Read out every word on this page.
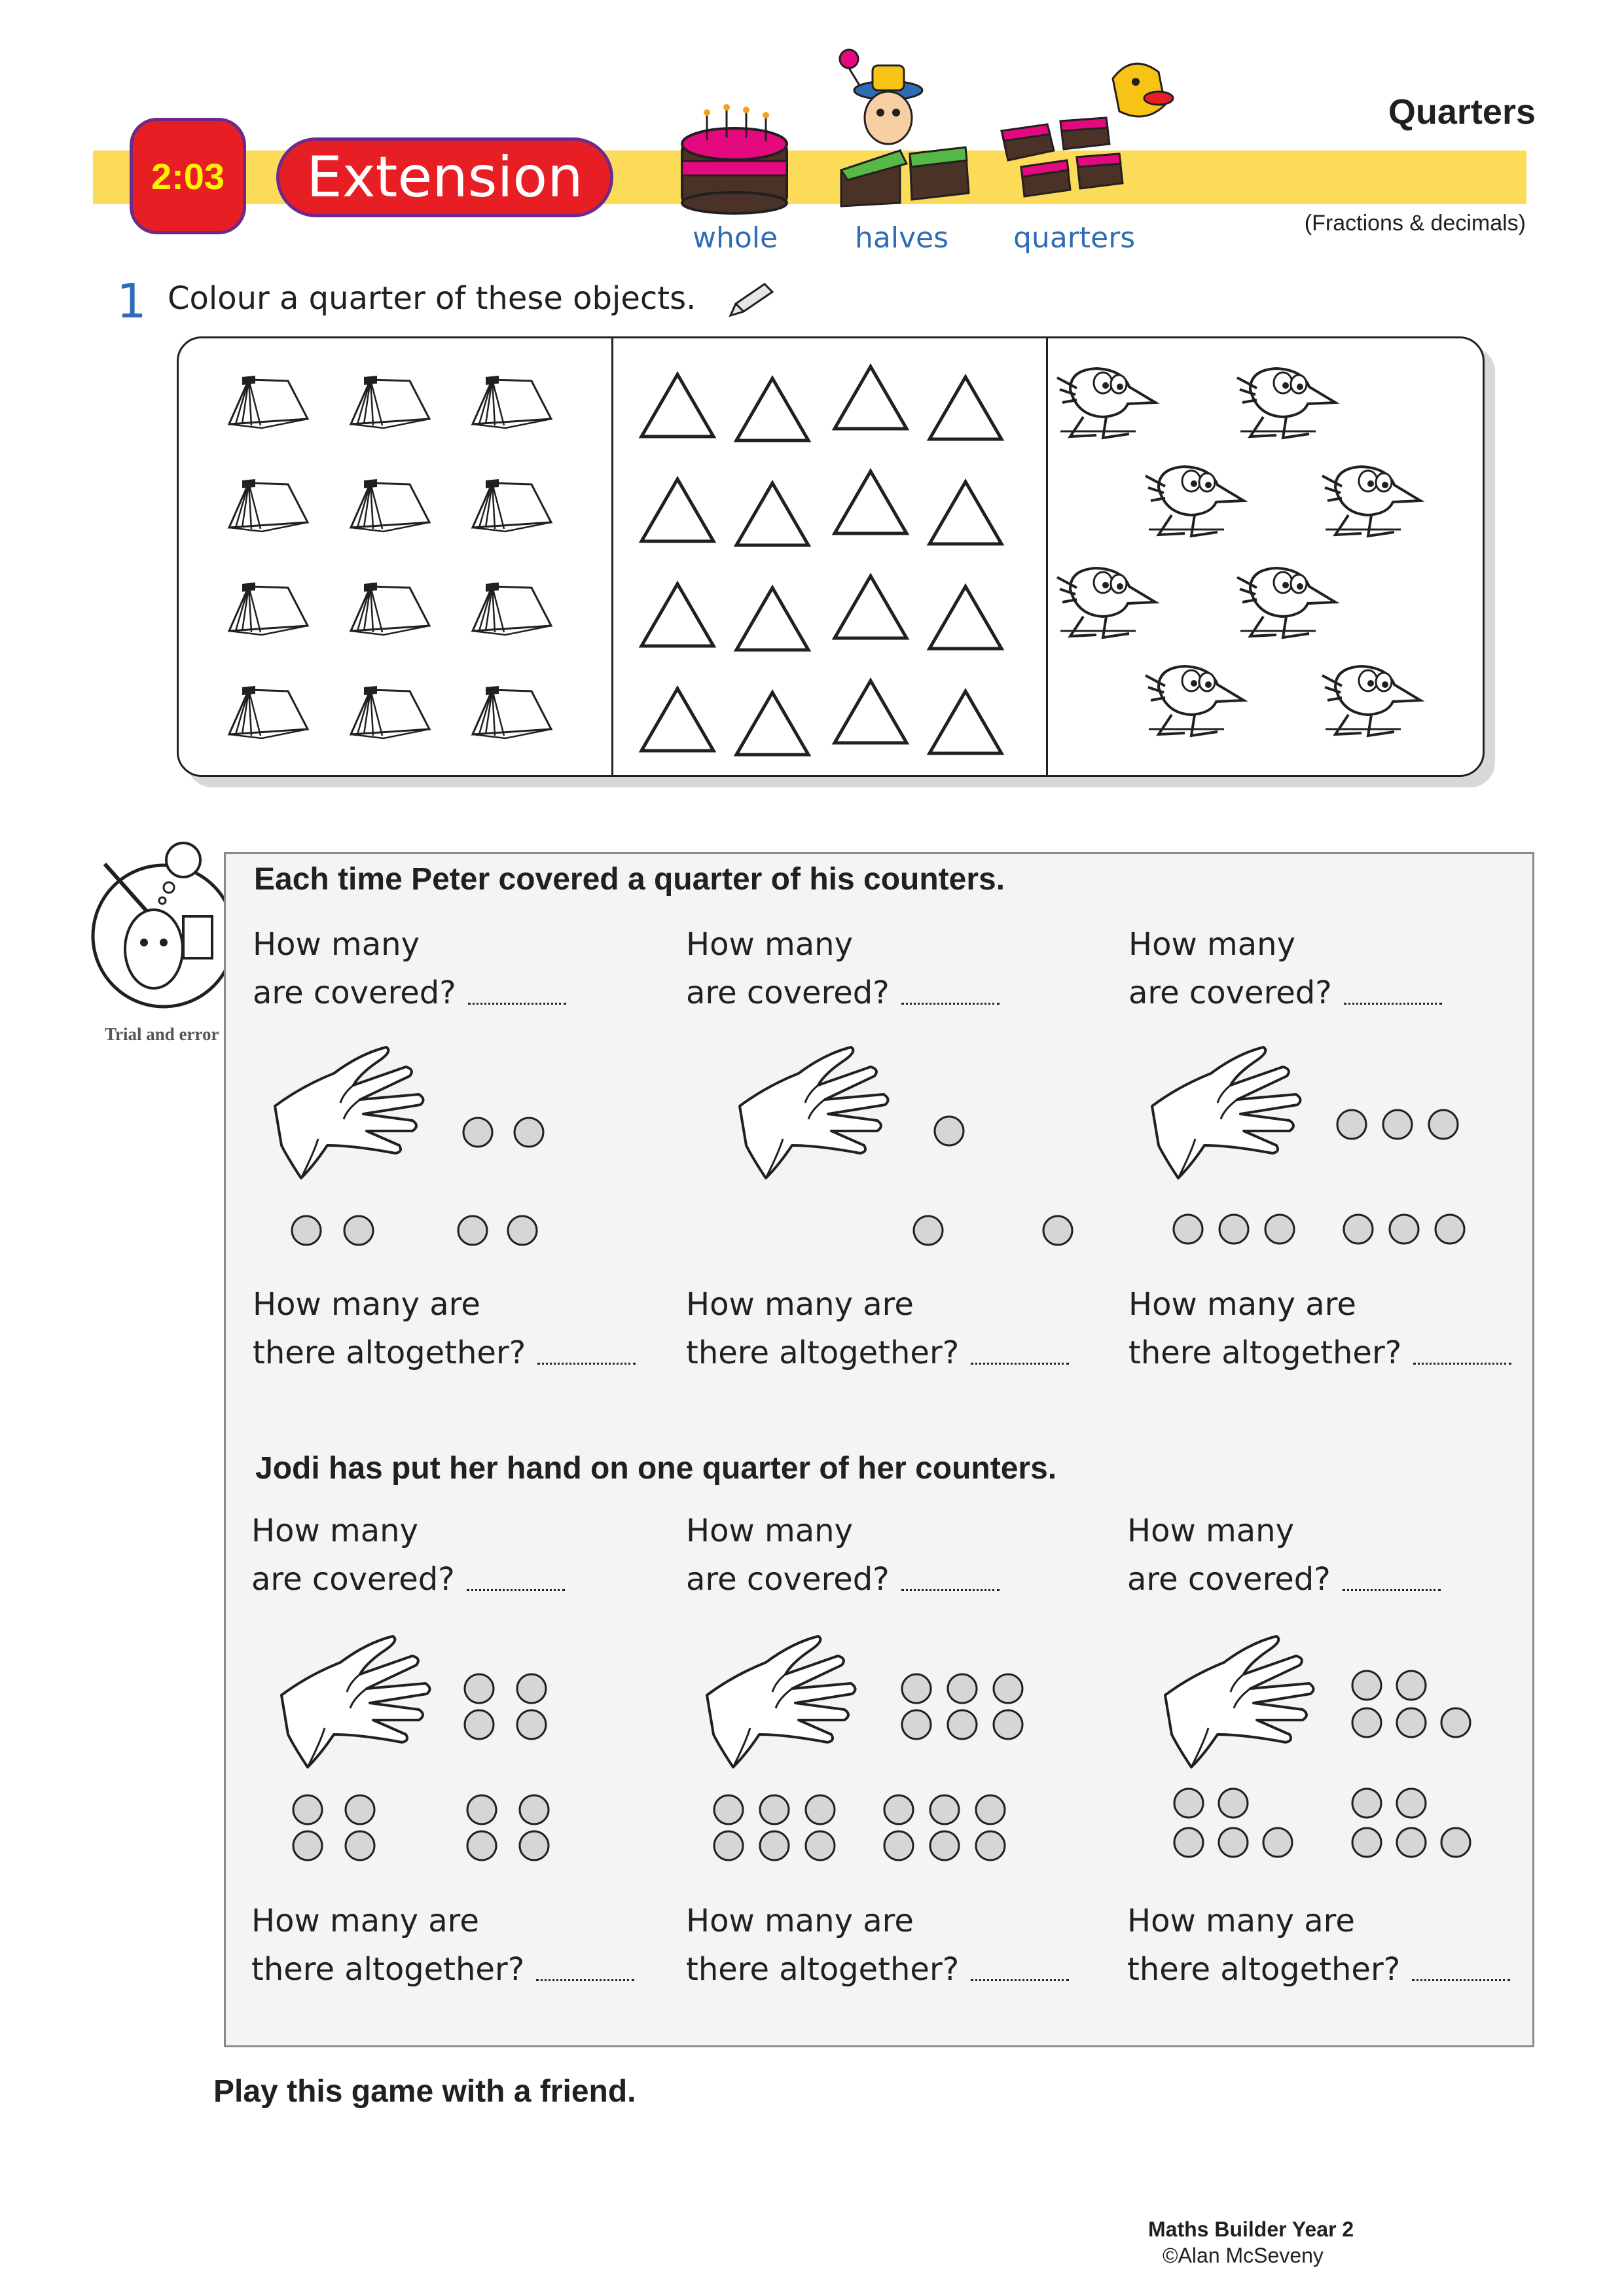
2:03	Extension
Quarters
(Fractions & decimals)
whole	halves quarters
1 Colour a quarter of these objects.
Trial and error
Each time Peter covered a quarter of his counters.
Jodi has put her hand on one quarter of her counters.
How many
are covered?
How many
are covered?
How many
are covered?
How many are
there altogether?
How many are
there altogether?
How many are
there altogether?
How many
are covered?
How many
are covered?
How many
are covered?
How many are
there altogether?
How many are
there altogether?
How many are
there altogether?
Play this game with a friend.
Maths Builder Year 2
©Alan McSeveny
